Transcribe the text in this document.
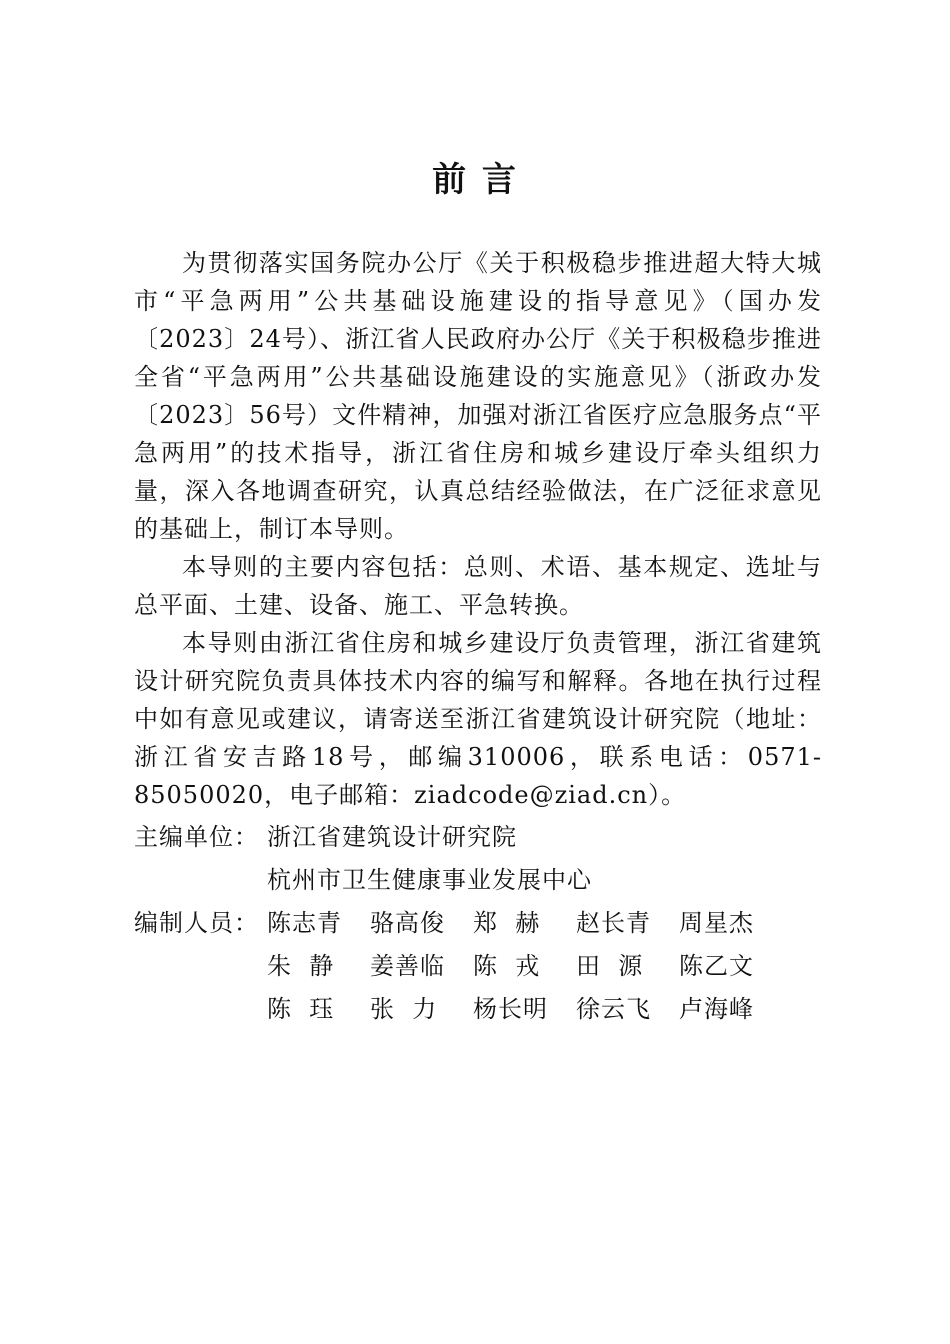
前 言

为贯彻落实国务院办公厅《关于积极稳步推进超大特大城市“平急两用”公共基础设施建设的指导意见》（国办发〔2023〕24号）、浙江省人民政府办公厅《关于积极稳步推进全省“平急两用”公共基础设施建设的实施意见》（浙政办发〔2023〕56号）文件精神，加强对浙江省医疗应急服务点“平急两用”的技术指导，浙江省住房和城乡建设厅牵头组织力量，深入各地调查研究，认真总结经验做法，在广泛征求意见的基础上，制订本导则。

本导则的主要内容包括：总则、术语、基本规定、选址与总平面、土建、设备、施工、平急转换。

本导则由浙江省住房和城乡建设厅负责管理，浙江省建筑设计研究院负责具体技术内容的编写和解释。各地在执行过程中如有意见或建议，请寄送至浙江省建筑设计研究院（地址：浙江省安吉路18号，邮编310006，联系电话：0571-85050020，电子邮箱：ziadcode@ziad.cn）。

主编单位： 浙江省建筑设计研究院
杭州市卫生健康事业发展中心
编制人员： 陈志青	骆高俊	郑  赫	赵长青	周星杰
朱  静	姜善临	陈  戎	田  源	陈乙文
陈  珏	张  力	杨长明	徐云飞	卢海峰
